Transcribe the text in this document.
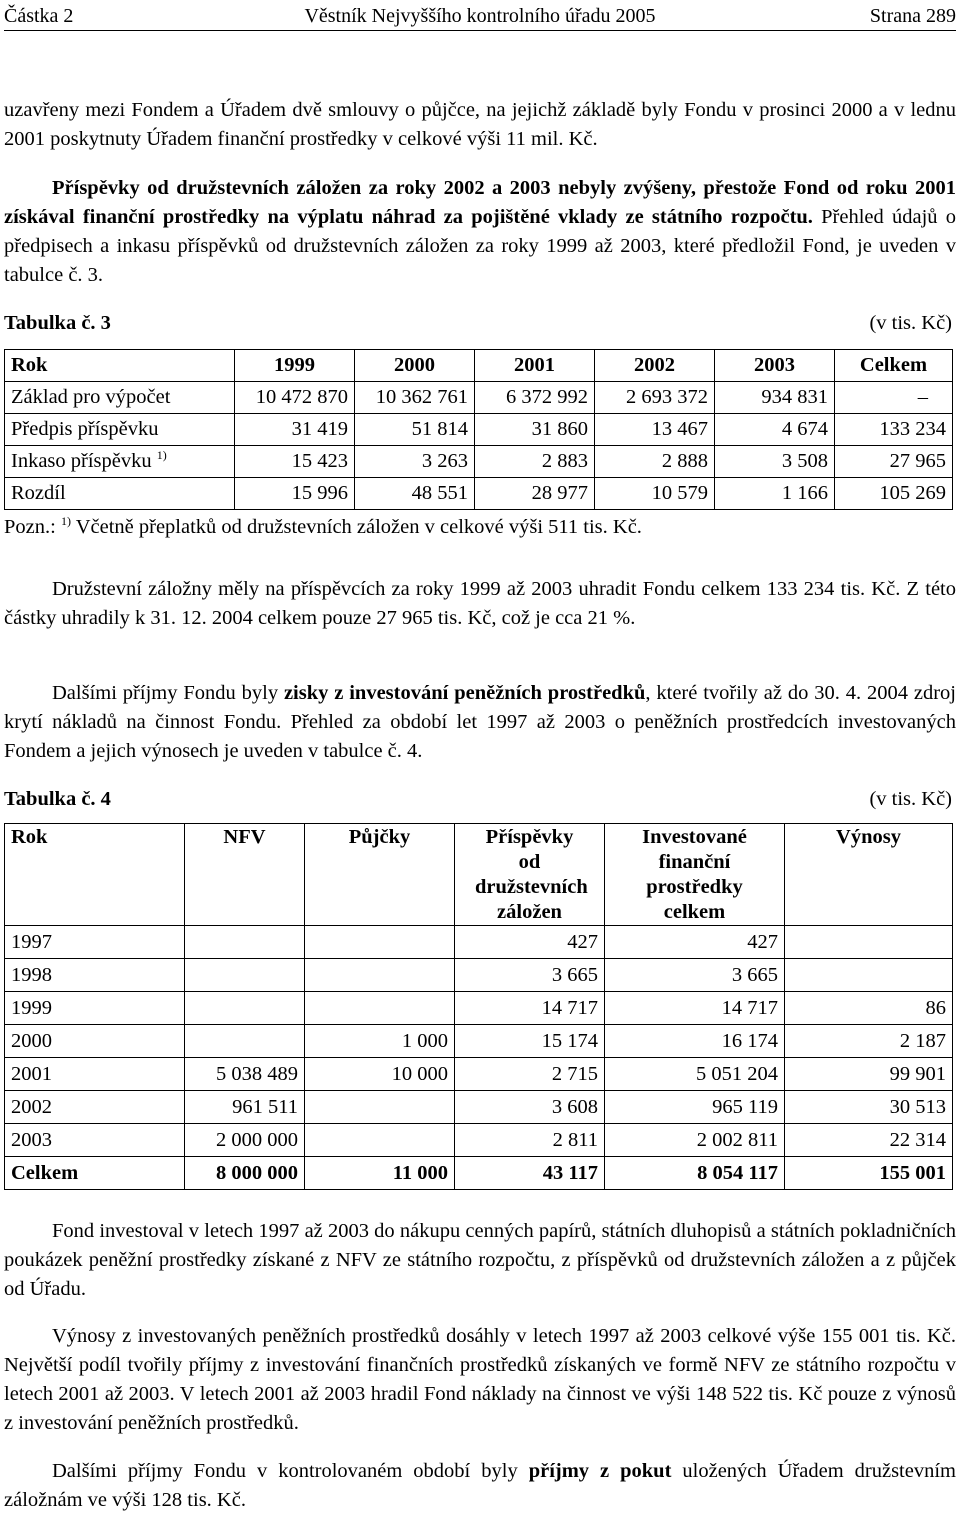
Částka 2	Věstník Nejvyššího kontrolního úřadu 2005	Strana 289

uzavřeny mezi Fondem a Úřadem dvě smlouvy o půjčce, na jejichž základě byly Fondu v prosinci 2000 a v lednu 2001 poskytnuty Úřadem finanční prostředky v celkové výši 11 mil. Kč.

Příspěvky od družstevních záložen za roky 2002 a 2003 nebyly zvýšeny, přestože Fond od roku 2001 získával finanční prostředky na výplatu náhrad za pojištěné vklady ze státního rozpočtu. Přehled údajů o předpisech a inkasu příspěvků od družstevních záložen za roky 1999 až 2003, které předložil Fond, je uveden v tabulce č. 3.

Tabulka č. 3	(v tis. Kč)
Rok	1999	2000	2001	2002	2003	Celkem
Základ pro výpočet	10 472 870	10 362 761	6 372 992	2 693 372	934 831	–
Předpis příspěvku	31 419	51 814	31 860	13 467	4 674	133 234
Inkaso příspěvku $^{1)}$	15 423	3 263	2 883	2 888	3 508	27 965
Rozdíl	15 996	48 551	28 977	10 579	1 166	105 269
Pozn.: $^{1)}$ Včetně přeplatků od družstevních záložen v celkové výši 511 tis. Kč.

Družstevní záložny měly na příspěvcích za roky 1999 až 2003 uhradit Fondu celkem 133 234 tis. Kč. Z této částky uhradily k 31. 12. 2004 celkem pouze 27 965 tis. Kč, což je cca 21 %.

Dalšími příjmy Fondu byly zisky z investování peněžních prostředků, které tvořily až do 30. 4. 2004 zdroj krytí nákladů na činnost Fondu. Přehled za období let 1997 až 2003 o peněžních prostředcích investovaných Fondem a jejich výnosech je uveden v tabulce č. 4.

Tabulka č. 4	(v tis. Kč)
Rok	NFV	Půjčky	Příspěvky od družstevních záložen	Investované finanční prostředky celkem	Výnosy
1997			427	427	
1998			3 665	3 665	
1999			14 717	14 717	86
2000		1 000	15 174	16 174	2 187
2001	5 038 489	10 000	2 715	5 051 204	99 901
2002	961 511		3 608	965 119	30 513
2003	2 000 000		2 811	2 002 811	22 314
Celkem	8 000 000	11 000	43 117	8 054 117	155 001

Fond investoval v letech 1997 až 2003 do nákupu cenných papírů, státních dluhopisů a státních pokladničních poukázek peněžní prostředky získané z NFV ze státního rozpočtu, z příspěvků od družstevních záložen a z půjček od Úřadu.

Výnosy z investovaných peněžních prostředků dosáhly v letech 1997 až 2003 celkové výše 155 001 tis. Kč. Největší podíl tvořily příjmy z investování finančních prostředků získaných ve formě NFV ze státního rozpočtu v letech 2001 až 2003. V letech 2001 až 2003 hradil Fond náklady na činnost ve výši 148 522 tis. Kč pouze z výnosů z investování peněžních prostředků.

Dalšími příjmy Fondu v kontrolovaném období byly příjmy z pokut uložených Úřadem družstevním záložnám ve výši 128 tis. Kč.
